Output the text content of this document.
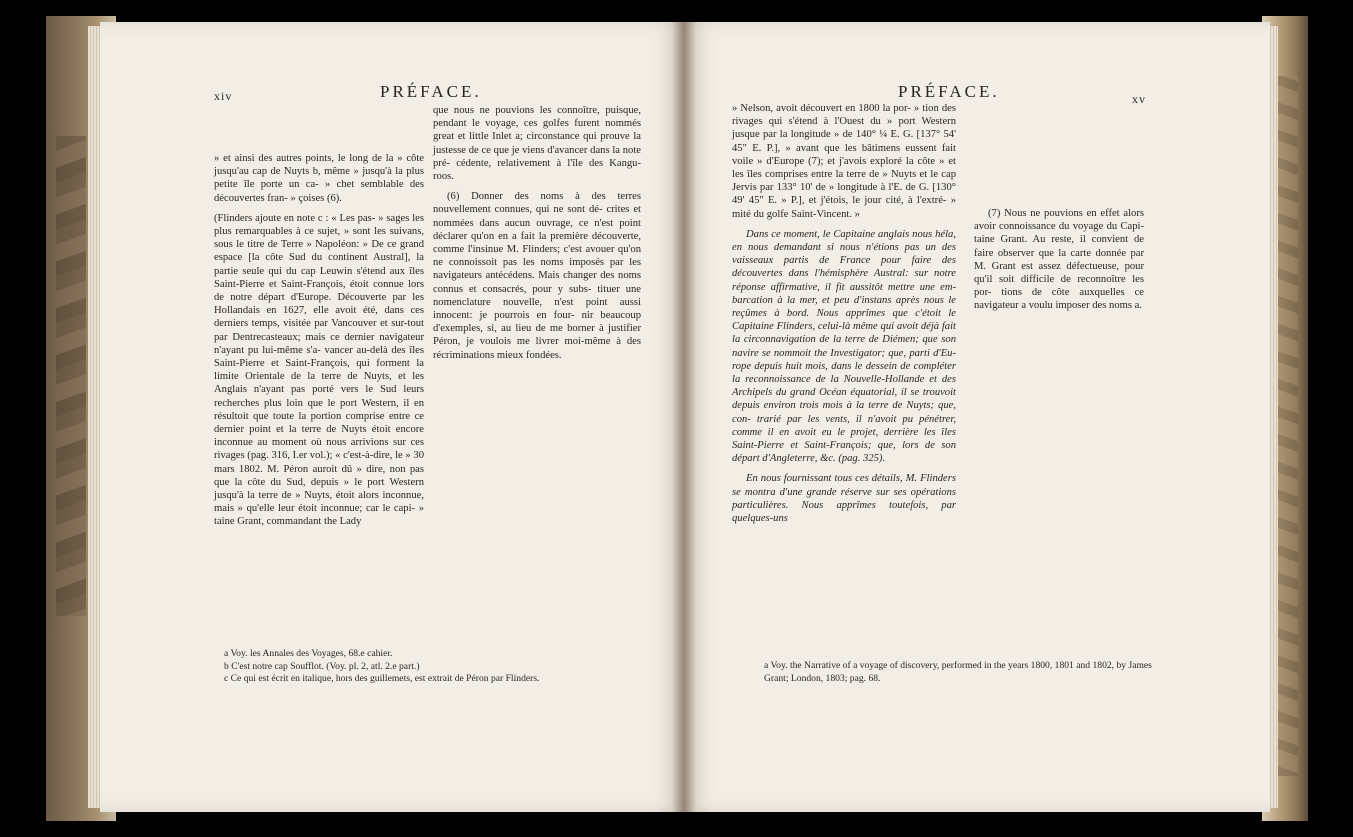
xiv	PRÉFACE.

» et ainsi des autres points, le long de la » côte jusqu'au cap de Nuyts b, même » jusqu'à la plus petite île porte un ca- » chet semblable des découvertes fran- » çoises (6).

(Flinders ajoute en note c : « Les pas- » sages les plus remarquables à ce sujet, » sont les suivans, sous le titre de Terre » Napoléon: » De ce grand espace [la côte Sud du continent Austral], la partie seule qui du cap Leuwin s'étend aux îles Saint-Pierre et Saint-François, étoit connue lors de notre départ d'Europe. Découverte par les Hollandais en 1627, elle avoit été, dans ces derniers temps, visitée par Vancouver et sur-tout par Dentrecasteaux; mais ce dernier navigateur n'ayant pu lui-même s'a- vancer au-delà des îles Saint-Pierre et Saint-François, qui forment la limite Orientale de la terre de Nuyts, et les Anglais n'ayant pas porté vers le Sud leurs recherches plus loin que le port Western, il en résultoit que toute la portion comprise entre ce dernier point et la terre de Nuyts étoit encore inconnue au moment où nous arrivions sur ces rivages (pag. 316, I.er vol.); « c'est-à-dire, le » 30 mars 1802. M. Péron auroit dû » dire, non pas que la côte du Sud, depuis » le port Western jusqu'à la terre de » Nuyts, étoit alors inconnue, mais » qu'elle leur étoit inconnue; car le capi- » taine Grant, commandant the Lady

que nous ne pouvions les connoître, puisque, pendant le voyage, ces golfes furent nommés great et little Inlet a; circonstance qui prouve la justesse de ce que je viens d'avancer dans la note pré- cédente, relativement à l'île des Kangu- roos.

(6) Donner des noms à des terres nouvellement connues, qui ne sont dé- crites et nommées dans aucun ouvrage, ce n'est point déclarer qu'on en a fait la première découverte, comme l'insinue M. Flinders; c'est avouer qu'on ne connoissoit pas les noms imposés par les navigateurs antécédens. Mais changer des noms connus et consacrés, pour y subs- tituer une nomenclature nouvelle, n'est point aussi innocent: je pourrois en four- nir beaucoup d'exemples, si, au lieu de me borner à justifier Péron, je voulois me livrer moi-même à des récriminations mieux fondées.

a Voy. les Annales des Voyages, 68.e cahier.
b C'est notre cap Soufflot. (Voy. pl. 2, atl. 2.e part.)
c Ce qui est écrit en italique, hors des guillemets, est extrait de Péron par Flinders.
PRÉFACE.	xv

» Nelson, avoit découvert en 1800 la por- » tion des rivages qui s'étend à l'Ouest du » port Western jusque par la longitude » de 140° ¼ E. G. [137° 54' 45" E. P.], » avant que les bâtimens eussent fait voile » d'Europe (7); et j'avois exploré la côte » et les îles comprises entre la terre de » Nuyts et le cap Jervis par 133° 10' de » longitude à l'E. de G. [130° 49' 45" E. » P.], et j'étois, le jour cité, à l'extré- » mité du golfe Saint-Vincent. »

Dans ce moment, le Capitaine anglais nous héla, en nous demandant si nous n'étions pas un des vaisseaux partis de France pour faire des découvertes dans l'hémisphère Austral: sur notre réponse affirmative, il fit aussitôt mettre une em- barcation à la mer, et peu d'instans après nous le reçûmes à bord. Nous apprîmes que c'étoit le Capitaine Flinders, celui-là même qui avoit déjà fait la circonnavigation de la terre de Diémen; que son navire se nommoit the Investigator; que, parti d'Eu- rope depuis huit mois, dans le dessein de compléter la reconnoissance de la Nouvelle-Hollande et des Archipels du grand Océan équatorial, il se trouvoit depuis environ trois mois à la terre de Nuyts; que, con- trarié par les vents, il n'avoit pu pénétrer, comme il en avoit eu le projet, derrière les îles Saint-Pierre et Saint-François; que, lors de son départ d'Angleterre, &c. (pag. 325).

En nous fournissant tous ces détails, M. Flinders se montra d'une grande réserve sur ses opérations particulières. Nous apprîmes toutefois, par quelques-uns

(7) Nous ne pouvions en effet alors avoir connoissance du voyage du Capi- taine Grant. Au reste, il convient de faire observer que la carte donnée par M. Grant est assez défectueuse, pour qu'il soit difficile de reconnoître les por- tions de côte auxquelles ce navigateur a voulu imposer des noms a.

a Voy. the Narrative of a voyage of discovery, performed in the years 1800, 1801 and 1802, by James Grant; London, 1803; pag. 68.
